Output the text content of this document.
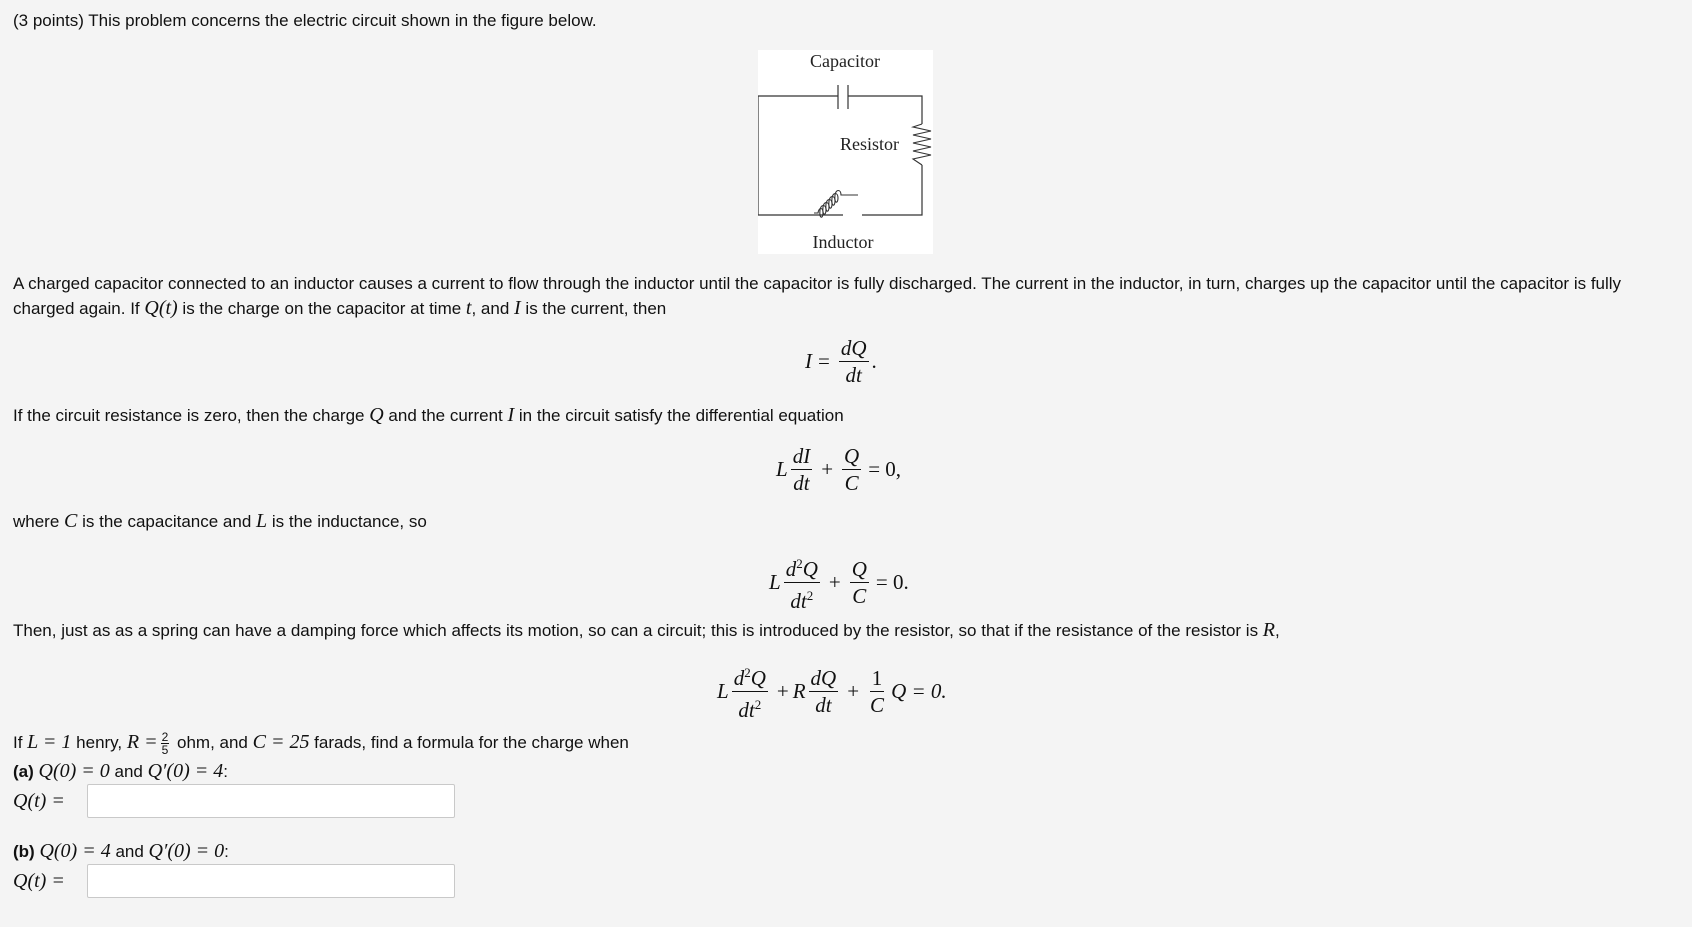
(3 points) This problem concerns the electric circuit shown in the figure below.
Capacitor
Resistor
Inductor
A charged capacitor connected to an inductor causes a current to flow through the inductor until the capacitor is fully discharged. The current in the inductor, in turn, charges up the capacitor until the capacitor is fully
charged again. If Q(t) is the charge on the capacitor at time t, and I is the current, then
$I = \frac{dQ}{dt}$ .
If the circuit resistance is zero, then the charge Q and the current I in the circuit satisfy the differential equation
L $\frac{dI}{dt} + \frac{Q}{C} = 0$,
where C is the capacitance and L is the inductance, so
L $\frac{d^2Q}{dt^2} + \frac{Q}{C} = 0$.
Then, just as as a spring can have a damping force which affects its motion, so can a circuit; this is introduced by the resistor, so that if the resistance of the resistor is R,
L $\frac{d^2Q}{dt^2} + R \frac{dQ}{dt} + \frac{1}{C}$ Q = 0.
If L = 1 henry, $R = \frac{2}{5}$ ohm, and C = 25 farads, find a formula for the charge when
(a) Q(0) = 0 and Q′(0) = 4:
Q(t) =
(b) Q(0) = 4 and Q′(0) = 0:
Q(t) =
